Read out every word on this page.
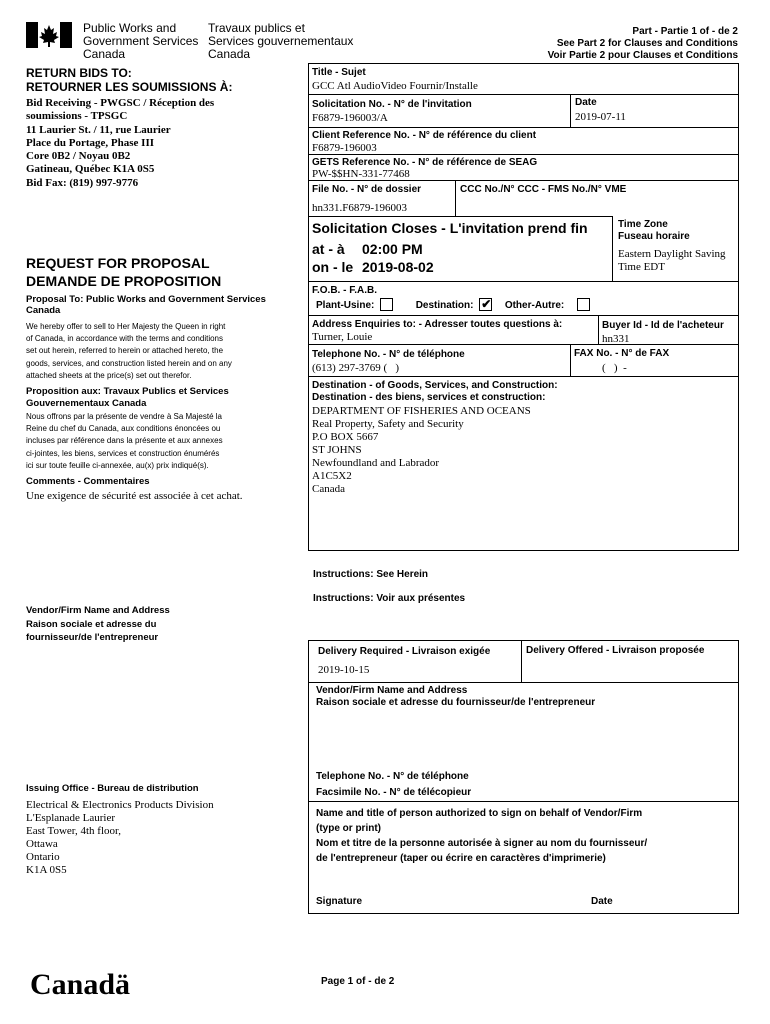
Public Works and
Government Services
Canada
Travaux publics et
Services gouvernementaux
Canada
Part - Partie 1 of - de 2
See Part 2 for Clauses and Conditions
Voir Partie 2 pour Clauses et Conditions
RETURN BIDS TO:
RETOURNER LES SOUMISSIONS À:
Bid Receiving - PWGSC / Réception des
soumissions - TPSGC
11 Laurier St. / 11, rue Laurier
Place du Portage, Phase III
Core 0B2 / Noyau 0B2
Gatineau, Québec K1A 0S5
Bid Fax: (819) 997-9776
REQUEST FOR PROPOSAL
DEMANDE DE PROPOSITION
Proposal To: Public Works and Government Services Canada
We hereby offer to sell to Her Majesty the Queen in right
of Canada, in accordance with the terms and conditions
set out herein, referred to herein or attached hereto, the
goods, services, and construction listed herein and on any
attached sheets at the price(s) set out therefor.
Proposition aux: Travaux Publics et Services Gouvernementaux Canada
Nous offrons par la présente de vendre à Sa Majesté la
Reine du chef du Canada, aux conditions énoncées ou
incluses par référence dans la présente et aux annexes
ci-jointes, les biens, services et construction énumérés
ici sur toute feuille ci-annexée, au(x) prix indiqué(s).
Comments - Commentaires
Une exigence de sécurité est associée à cet achat.
Vendor/Firm Name and Address
Raison sociale et adresse du
fournisseur/de l'entrepreneur
Issuing Office - Bureau de distribution
Electrical & Electronics Products Division
L'Esplanade Laurier
East Tower, 4th floor,
Ottawa
Ontario
K1A 0S5
Title - Sujet
GCC Atl AudioVideo Fournir/Installe
Solicitation No. - N° de l'invitation
F6879-196003/A
Date
2019-07-11
Client Reference No. - N° de référence du client
F6879-196003
GETS Reference No. - N° de référence de SEAG
PW-$$HN-331-77468
File No. - N° de dossier
hn331.F6879-196003
CCC No./N° CCC - FMS No./N° VME
Solicitation Closes - L'invitation prend fin
at - à 02:00 PM
on - le 2019-08-02
Time Zone
Fuseau horaire
Eastern Daylight Saving
Time EDT
F.O.B. - F.A.B.
Plant-Usine:	Destination: ✔	Other-Autre:
Address Enquiries to: - Adresser toutes questions à:
Turner, Louie
Buyer Id - Id de l'acheteur
hn331
Telephone No. - N° de téléphone
(613) 297-3769 (   )
FAX No. - N° de FAX
(   )  -
Destination - of Goods, Services, and Construction:
Destination - des biens, services et construction:
DEPARTMENT OF FISHERIES AND OCEANS
Real Property, Safety and Security
P.O BOX 5667
ST JOHNS
Newfoundland and Labrador
A1C5X2
Canada
Instructions: See Herein
Instructions: Voir aux présentes
Delivery Required - Livraison exigée
2019-10-15
Delivery Offered - Livraison proposée
Vendor/Firm Name and Address
Raison sociale et adresse du fournisseur/de l'entrepreneur
Telephone No. - N° de téléphone
Facsimile No. - N° de télécopieur
Name and title of person authorized to sign on behalf of Vendor/Firm
(type or print)
Nom et titre de la personne autorisée à signer au nom du fournisseur/
de l'entrepreneur (taper ou écrire en caractères d'imprimerie)
Signature	Date
Canadä	Page 1 of - de 2
